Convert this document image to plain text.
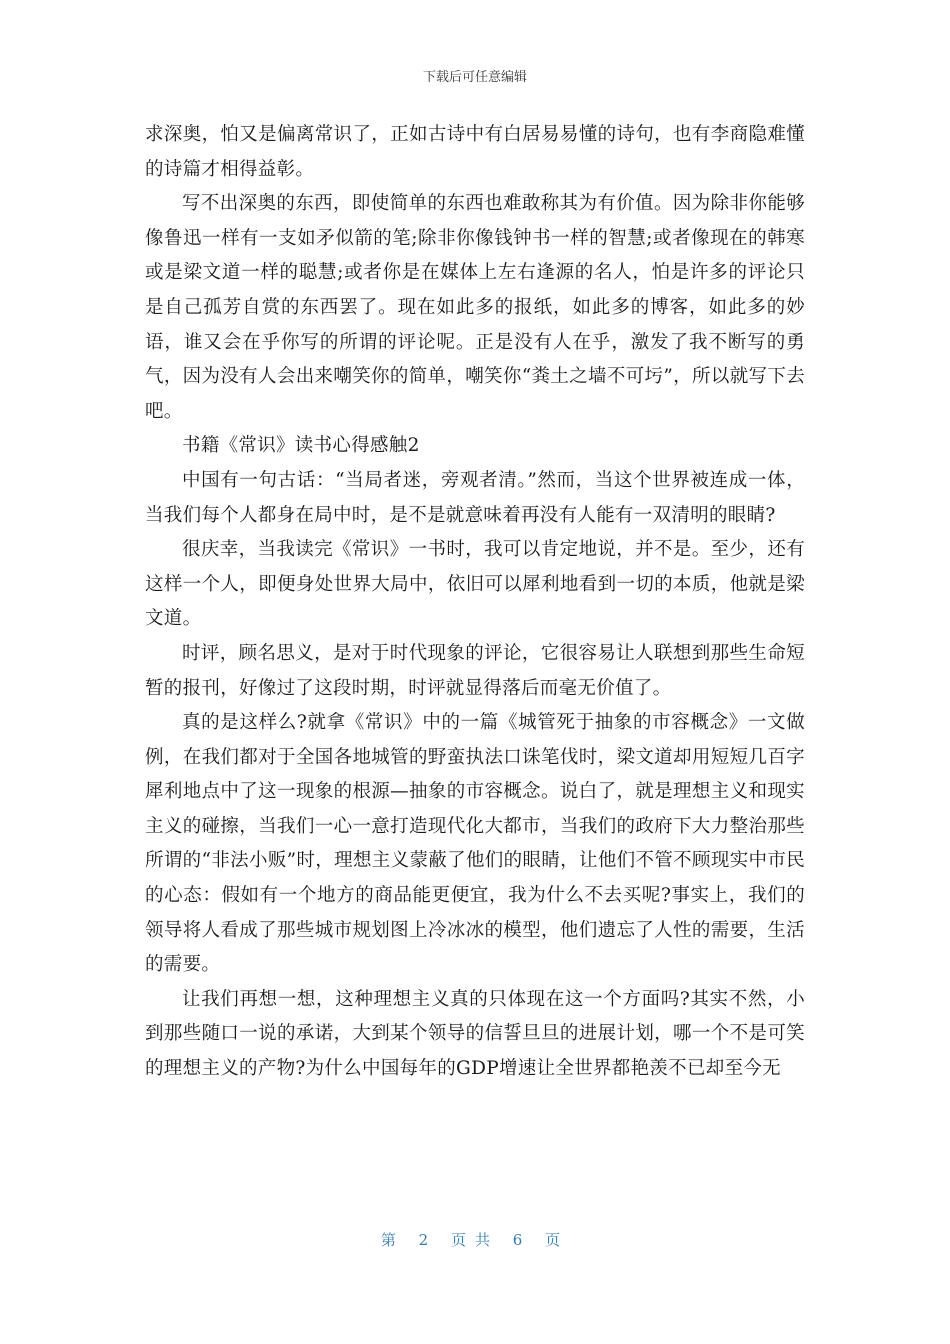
下载后可任意编辑

求深奥，怕又是偏离常识了，正如古诗中有白居易易懂的诗句，也有李商隐难懂的诗篇才相得益彰。

写不出深奥的东西，即使简单的东西也难敢称其为有价值。因为除非你能够像鲁迅一样有一支如矛似箭的笔;除非你像钱钟书一样的智慧;或者像现在的韩寒或是梁文道一样的聪慧;或者你是在媒体上左右逢源的名人，怕是许多的评论只是自己孤芳自赏的东西罢了。现在如此多的报纸，如此多的博客，如此多的妙语，谁又会在乎你写的所谓的评论呢。正是没有人在乎，激发了我不断写的勇气，因为没有人会出来嘲笑你的简单，嘲笑你“粪土之墙不可圬”，所以就写下去吧。

书籍《常识》读书心得感触2

中国有一句古话：“当局者迷，旁观者清。”然而，当这个世界被连成一体，当我们每个人都身在局中时，是不是就意味着再没有人能有一双清明的眼睛?

很庆幸，当我读完《常识》一书时，我可以肯定地说，并不是。至少，还有这样一个人，即便身处世界大局中，依旧可以犀利地看到一切的本质，他就是梁文道。

时评，顾名思义，是对于时代现象的评论，它很容易让人联想到那些生命短暂的报刊，好像过了这段时期，时评就显得落后而毫无价值了。

真的是这样么?就拿《常识》中的一篇《城管死于抽象的市容概念》一文做例，在我们都对于全国各地城管的野蛮执法口诛笔伐时，梁文道却用短短几百字犀利地点中了这一现象的根源—抽象的市容概念。说白了，就是理想主义和现实主义的碰擦，当我们一心一意打造现代化大都市，当我们的政府下大力整治那些所谓的“非法小贩”时，理想主义蒙蔽了他们的眼睛，让他们不管不顾现实中市民的心态：假如有一个地方的商品能更便宜，我为什么不去买呢?事实上，我们的领导将人看成了那些城市规划图上冷冰冰的模型，他们遗忘了人性的需要，生活的需要。

让我们再想一想，这种理想主义真的只体现在这一个方面吗?其实不然，小到那些随口一说的承诺，大到某个领导的信誓旦旦的进展计划，哪一个不是可笑的理想主义的产物?为什么中国每年的GDP增速让全世界都艳羡不已却至今无

第 2 页共 6 页
